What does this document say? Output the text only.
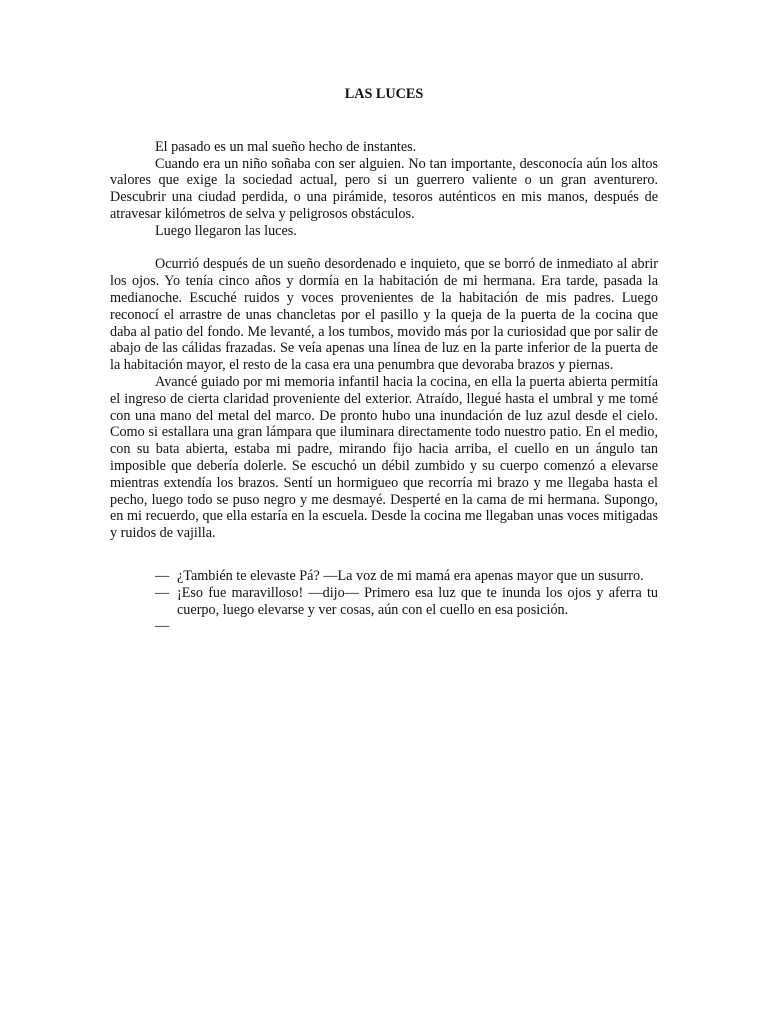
LAS LUCES

El pasado es un mal sueño hecho de instantes.

Cuando era un niño soñaba con ser alguien. No tan importante, desconocía aún los altos valores que exige la sociedad actual, pero si un guerrero valiente o un gran aventurero. Descubrir una ciudad perdida, o una pirámide, tesoros auténticos en mis manos, después de atravesar kilómetros de selva y peligrosos obstáculos.

Luego llegaron las luces.

Ocurrió después de un sueño desordenado e inquieto, que se borró de inmediato al abrir los ojos. Yo tenía cinco años y dormía en la habitación de mi hermana. Era tarde, pasada la medianoche. Escuché ruidos y voces provenientes de la habitación de mis padres. Luego reconocí el arrastre de unas chancletas por el pasillo y la queja de la puerta de la cocina que daba al patio del fondo. Me levanté, a los tumbos, movido más por la curiosidad que por salir de abajo de las cálidas frazadas. Se veía apenas una línea de luz en la parte inferior de la puerta de la habitación mayor, el resto de la casa era una penumbra que devoraba brazos y piernas.

Avancé guiado por mi memoria infantil hacia la cocina, en ella la puerta abierta permitía el ingreso de cierta claridad proveniente del exterior. Atraído, llegué hasta el umbral y me tomé con una mano del metal del marco. De pronto hubo una inundación de luz azul desde el cielo. Como si estallara una gran lámpara que iluminara directamente todo nuestro patio. En el medio, con su bata abierta, estaba mi padre, mirando fijo hacia arriba, el cuello en un ángulo tan imposible que debería dolerle. Se escuchó un débil zumbido y su cuerpo comenzó a elevarse mientras extendía los brazos. Sentí un hormigueo que recorría mi brazo y me llegaba hasta el pecho, luego todo se puso negro y me desmayé. Desperté en la cama de mi hermana. Supongo, en mi recuerdo, que ella estaría en la escuela. Desde la cocina me llegaban unas voces mitigadas y ruidos de vajilla.

— ¿También te elevaste Pá? —La voz de mi mamá era apenas mayor que un susurro.
— ¡Eso fue maravilloso! —dijo— Primero esa luz que te inunda los ojos y aferra tu cuerpo, luego elevarse y ver cosas, aún con el cuello en esa posición.
—
